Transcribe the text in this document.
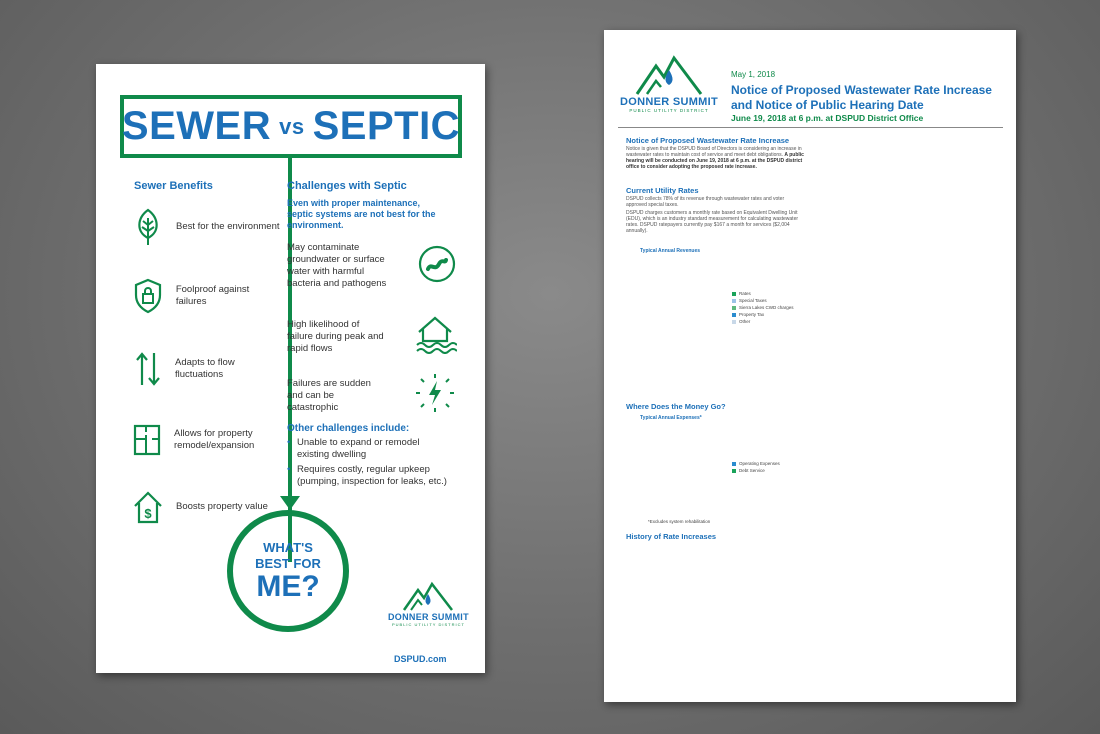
SEWER vs SEPTIC
Sewer Benefits
Best for the environment
Foolproof against failures
Adapts to flow fluctuations
Allows for property remodel/expansion
$	Boosts property value
Challenges with Septic
Even with proper maintenance, septic systems are not best for the environment.
May contaminate groundwater or surface water with harmful bacteria and pathogens
High likelihood of failure during peak and rapid flows
Failures are sudden and can be catastrophic
Other challenges include:
• Unable to expand or remodel existing dwelling
• Requires costly, regular upkeep (pumping, inspection for leaks, etc.)
WHAT'S
BEST FOR
ME?
DONNER SUMMIT
PUBLIC UTILITY DISTRICT
DSPUD.com
DONNER SUMMIT
PUBLIC UTILITY DISTRICT
May 1, 2018
Notice of Proposed Wastewater Rate Increase and Notice of Public Hearing Date
June 19, 2018 at 6 p.m. at DSPUD District Office
Notice of Proposed Wastewater Rate Increase
Notice is given that the DSPUD Board of Directors is considering an increase in wastewater rates to maintain cost of service and meet debt obligations. A public hearing will be conducted on June 19, 2018 at 6 p.m. at the DSPUD district office to consider adopting the proposed rate increase.
Current Utility Rates
DSPUD collects 78% of its revenue through wastewater rates and voter approved special taxes.
DSPUD charges customers a monthly rate based on Equivalent Dwelling Unit (EDU), which is an industry standard measurement for calculating wastewater rates. DSPUD ratepayers currently pay $167 a month for services ($2,004 annually).
Typical Annual Revenues
Rates
Special Taxes
Sierra Lakes CWD charges
Property Tax
Other
Where Does the Money Go?
Typical Annual Expenses*
Operating Expenses
Debt Service
*Excludes system rehabilitation
History of Rate Increases
